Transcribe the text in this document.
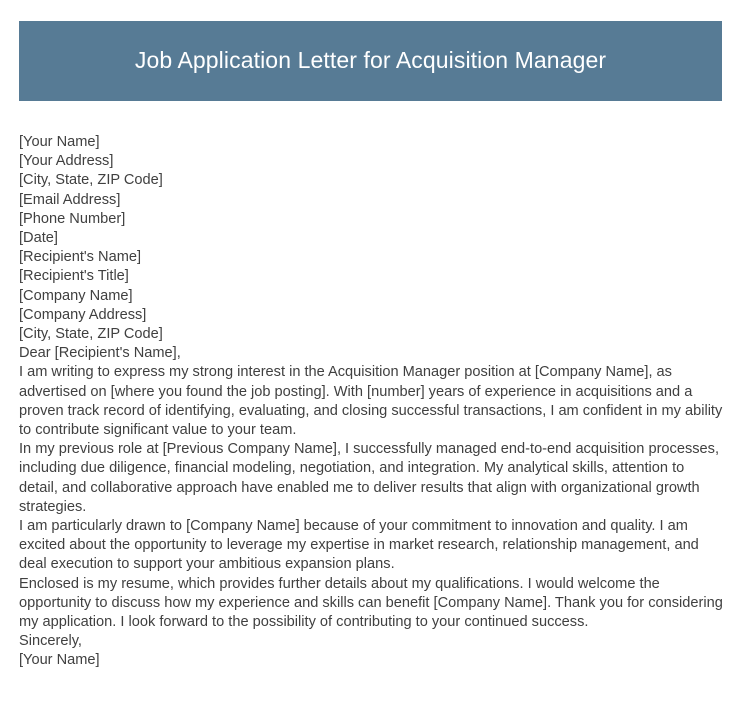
Job Application Letter for Acquisition Manager
[Your Name]
[Your Address]
[City, State, ZIP Code]
[Email Address]
[Phone Number]
[Date]
[Recipient's Name]
[Recipient's Title]
[Company Name]
[Company Address]
[City, State, ZIP Code]
Dear [Recipient's Name],

I am writing to express my strong interest in the Acquisition Manager position at [Company Name], as advertised on [where you found the job posting]. With [number] years of experience in acquisitions and a proven track record of identifying, evaluating, and closing successful transactions, I am confident in my ability to contribute significant value to your team.

In my previous role at [Previous Company Name], I successfully managed end-to-end acquisition processes, including due diligence, financial modeling, negotiation, and integration. My analytical skills, attention to detail, and collaborative approach have enabled me to deliver results that align with organizational growth strategies.

I am particularly drawn to [Company Name] because of your commitment to innovation and quality. I am excited about the opportunity to leverage my expertise in market research, relationship management, and deal execution to support your ambitious expansion plans.

Enclosed is my resume, which provides further details about my qualifications. I would welcome the opportunity to discuss how my experience and skills can benefit [Company Name]. Thank you for considering my application. I look forward to the possibility of contributing to your continued success.

Sincerely,
[Your Name]
